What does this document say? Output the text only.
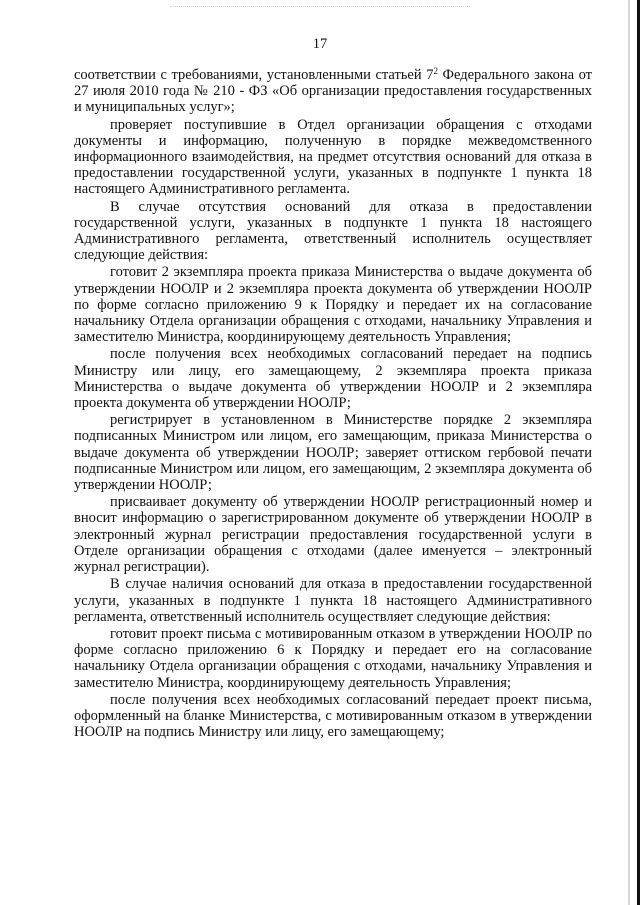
17

соответствии с требованиями, установленными статьей $7^2$ Федерального закона от 27 июля 2010 года № 210 - ФЗ «Об организации предоставления государственных и муниципальных услуг»;

проверяет поступившие в Отдел организации обращения с отходами документы и информацию, полученную в порядке межведомственного информационного взаимодействия, на предмет отсутствия оснований для отказа в предоставлении государственной услуги, указанных в подпункте 1 пункта 18 настоящего Административного регламента.

В случае отсутствия оснований для отказа в предоставлении государственной услуги, указанных в подпункте 1 пункта 18 настоящего Административного регламента, ответственный исполнитель осуществляет следующие действия:

готовит 2 экземпляра проекта приказа Министерства о выдаче документа об утверждении НООЛР и 2 экземпляра проекта документа об утверждении НООЛР по форме согласно приложению 9 к Порядку и передает их на согласование начальнику Отдела организации обращения с отходами, начальнику Управления и заместителю Министра, координирующему деятельность Управления;

после получения всех необходимых согласований передает на подпись Министру или лицу, его замещающему, 2 экземпляра проекта приказа Министерства о выдаче документа об утверждении НООЛР и 2 экземпляра проекта документа об утверждении НООЛР;

регистрирует в установленном в Министерстве порядке 2 экземпляра подписанных Министром или лицом, его замещающим, приказа Министерства о выдаче документа об утверждении НООЛР; заверяет оттиском гербовой печати подписанные Министром или лицом, его замещающим, 2 экземпляра документа об утверждении НООЛР;

присваивает документу об утверждении НООЛР регистрационный номер и вносит информацию о зарегистрированном документе об утверждении НООЛР в электронный журнал регистрации предоставления государственной услуги в Отделе организации обращения с отходами (далее именуется – электронный журнал регистрации).

В случае наличия оснований для отказа в предоставлении государственной услуги, указанных в подпункте 1 пункта 18 настоящего Административного регламента, ответственный исполнитель осуществляет следующие действия:

готовит проект письма с мотивированным отказом в утверждении НООЛР по форме согласно приложению 6 к Порядку и передает его на согласование начальнику Отдела организации обращения с отходами, начальнику Управления и заместителю Министра, координирующему деятельность Управления;

после получения всех необходимых согласований передает проект письма, оформленный на бланке Министерства, с мотивированным отказом в утверждении НООЛР на подпись Министру или лицу, его замещающему;
